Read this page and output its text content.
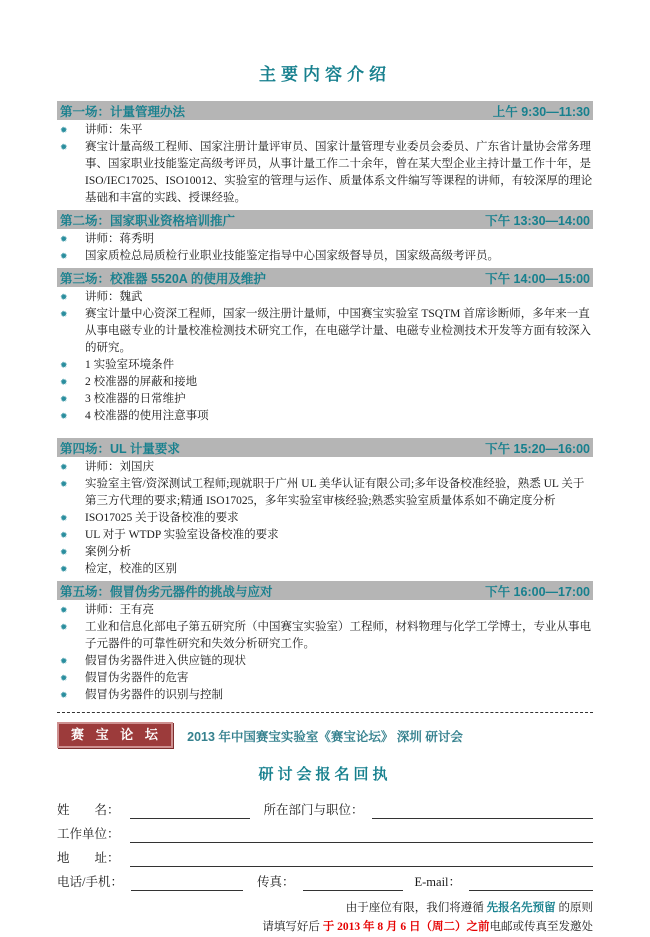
主要内容介绍
第一场：计量管理办法	上午 9:30—11:30
✹	讲师：朱平
✹	赛宝计量高级工程师、国家注册计量评审员、国家计量管理专业委员会委员、广东省计量协会常务理事、国家职业技能鉴定高级考评员，从事计量工作二十余年，曾在某大型企业主持计量工作十年，是 ISO/IEC17025、ISO10012、实验室的管理与运作、质量体系文件编写等课程的讲师，有较深厚的理论基础和丰富的实践、授课经验。
第二场：国家职业资格培训推广	下午 13:30—14:00
✹	讲师：蒋秀明
✹	国家质检总局质检行业职业技能鉴定指导中心国家级督导员，国家级高级考评员。
第三场：校准器 5520A 的使用及维护	下午 14:00—15:00
✹	讲师：魏武
✹	赛宝计量中心资深工程师，国家一级注册计量师，中国赛宝实验室 TSQTM 首席诊断师，多年来一直从事电磁专业的计量校准检测技术研究工作，在电磁学计量、电磁专业检测技术开发等方面有较深入的研究。
✹	1 实验室环境条件
✹	2 校准器的屏蔽和接地
✹	3 校准器的日常维护
✹	4 校准器的使用注意事项
第四场：UL 计量要求	下午 15:20—16:00
✹	讲师：刘国庆
✹	实验室主管/资深测试工程师;现就职于广州 UL 美华认证有限公司;多年设备校准经验，熟悉 UL 关于第三方代理的要求;精通 ISO17025，多年实验室审核经验;熟悉实验室质量体系如不确定度分析
✹	ISO17025 关于设备校准的要求
✹	UL 对于 WTDP 实验室设备校准的要求
✹	案例分析
✹	检定，校准的区别
第五场：假冒伪劣元器件的挑战与应对	下午 16:00—17:00
✹	讲师：王有亮
✹	工业和信息化部电子第五研究所（中国赛宝实验室）工程师，材料物理与化学工学博士，专业从事电子元器件的可靠性研究和失效分析研究工作。
✹	假冒伪劣器件进入供应链的现状
✹	假冒伪劣器件的危害
✹	假冒伪劣器件的识别与控制
赛 宝 论 坛	2013 年中国赛宝实验室《赛宝论坛》 深圳 研讨会
研讨会报名回执
姓　　名：	所在部门与职位：
工作单位：
地　　址：
电话/手机：	传真：	E-mail：
由于座位有限，我们将遵循 先报名先预留 的原则
请填写好后 于 2013 年 8 月 6 日（周二）之前电邮或传真至发邀处
